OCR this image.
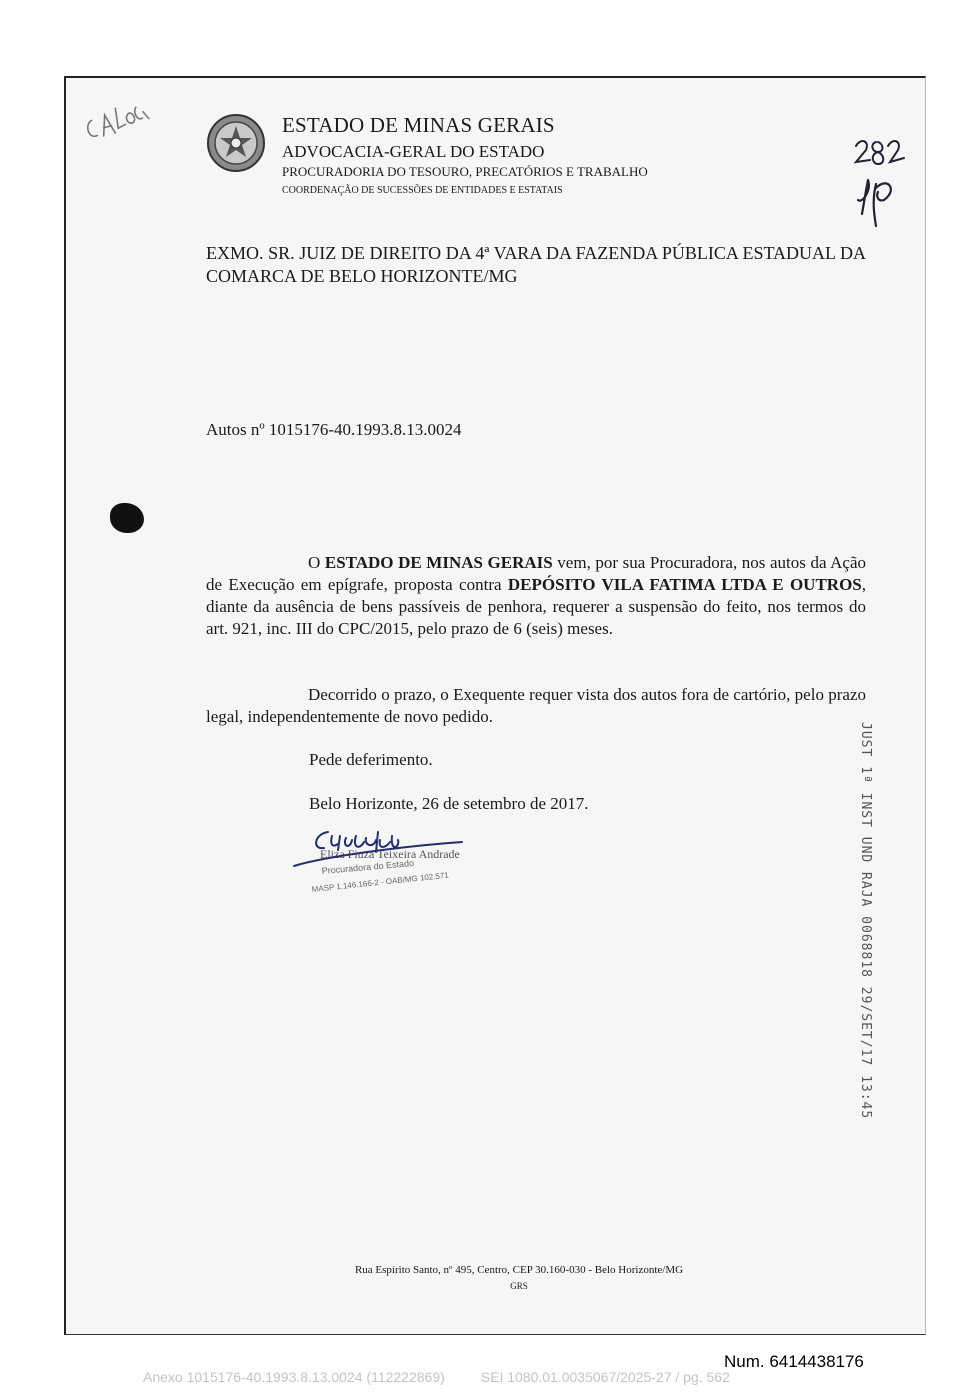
ESTADO DE MINAS GERAIS
ADVOCACIA-GERAL DO ESTADO
PROCURADORIA DO TESOURO, PRECATÓRIOS E TRABALHO
COORDENAÇÃO DE SUCESSÕES DE ENTIDADES E ESTATAIS
EXMO. SR. JUIZ DE DIREITO DA 4ª VARA DA FAZENDA PÚBLICA ESTADUAL DA COMARCA DE BELO HORIZONTE/MG
Autos nº 1015176-40.1993.8.13.0024
O ESTADO DE MINAS GERAIS vem, por sua Procuradora, nos autos da Ação de Execução em epígrafe, proposta contra DEPÓSITO VILA FATIMA LTDA E OUTROS, diante da ausência de bens passíveis de penhora, requerer a suspensão do feito, nos termos do art. 921, inc. III do CPC/2015, pelo prazo de 6 (seis) meses.
Decorrido o prazo, o Exequente requer vista dos autos fora de cartório, pelo prazo legal, independentemente de novo pedido.
Pede deferimento.
Belo Horizonte, 26 de setembro de 2017.
Eliza Fiuza Teixeira Andrade
Procuradora do Estado
MASP 1.146.166-2 - OAB/MG 102.571	JUST 1ª INST UND RAJA 0068818 29/SET/17 13:45
Rua Espírito Santo, nº 495, Centro, CEP 30.160-030 - Belo Horizonte/MG
GRS
Num. 6414438176
Anexo 1015176-40.1993.8.13.0024 (112222869)	SEI 1080.01.0035067/2025-27 / pg. 562
